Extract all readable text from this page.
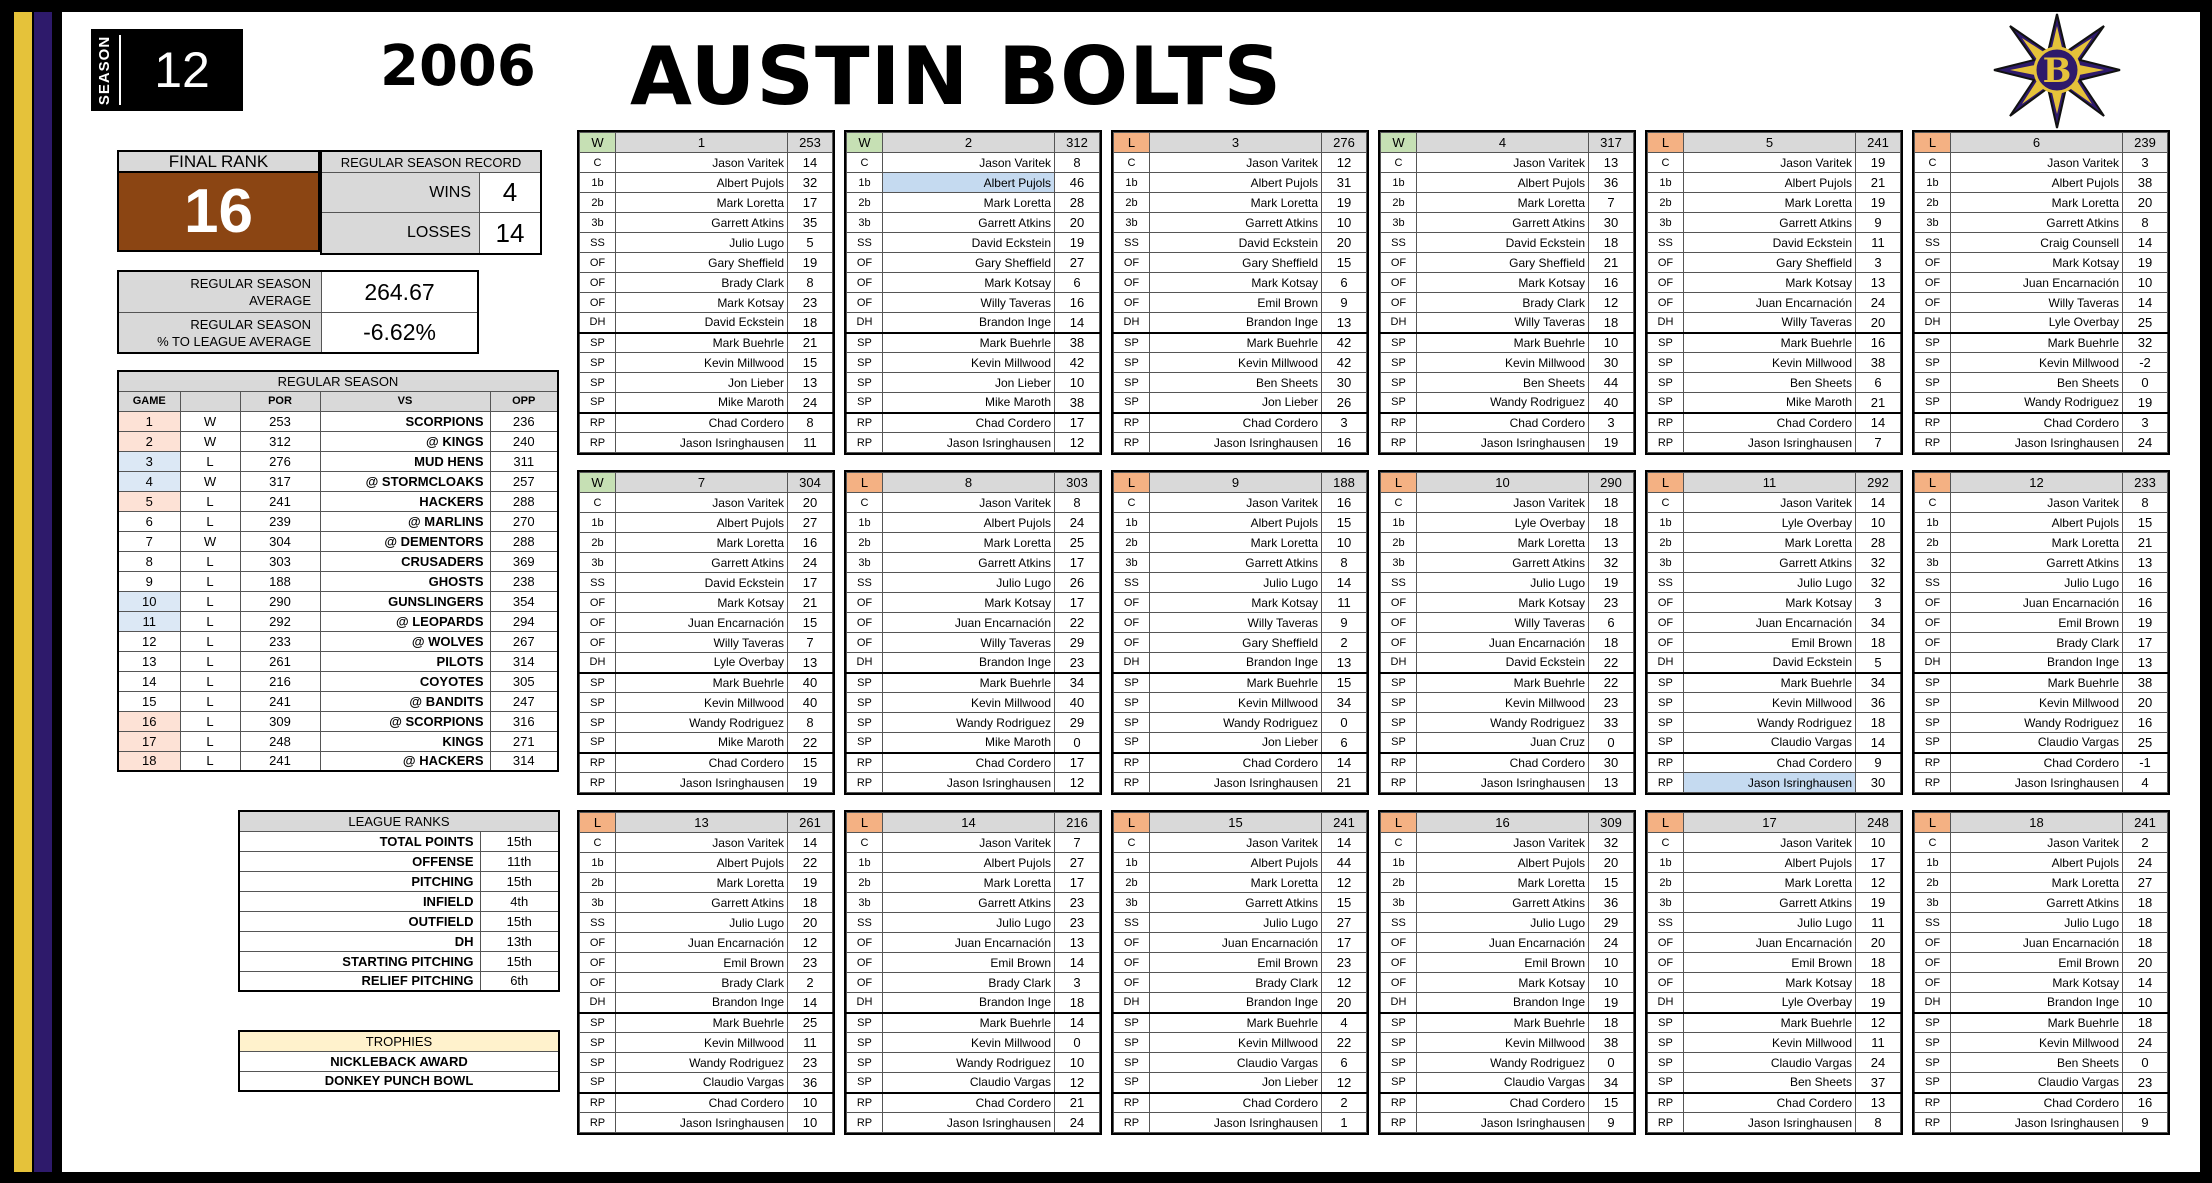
SEASON 12	2006 AUSTIN BOLTS	B
FINAL RANK
16
REGULAR SEASON RECORD
WINS	4
LOSSES 14
REGULAR SEASON
AVERAGE	264.67
REGULAR SEASON
% TO LEAGUE AVERAGE	-6.62%
REGULAR SEASON				
GAME		POR	VS	OPP
1	W	253	SCORPIONS	236
2	W	312	@ KINGS	240
3	L	276	MUD HENS	311
4	W	317	@ STORMCLOAKS	257
5	L	241	HACKERS	288
6	L	239	@ MARLINS	270
7	W	304	@ DEMENTORS	288
8	L	303	CRUSADERS	369
9	L	188	GHOSTS	238
10	L	290	GUNSLINGERS	354
11	L	292	@ LEOPARDS	294
12	L	233	@ WOLVES	267
13	L	261	PILOTS	314
14	L	216	COYOTES	305
15	L	241	@ BANDITS	247
16	L	309	@ SCORPIONS	316
17	L	248	KINGS	271
18	L	241	@ HACKERS	314
LEAGUE RANKS	
TOTAL POINTS	15th
OFFENSE	11th
PITCHING	15th
INFIELD	4th
OUTFIELD	15th
DH	13th
STARTING PITCHING	15th
RELIEF PITCHING	6th
TROPHIES
NICKLEBACK AWARD
DONKEY PUNCH BOWL
W	1	253
C	Jason Varitek	14
1b	Albert Pujols	32
2b	Mark Loretta	17
3b	Garrett Atkins	35
SS	Julio Lugo	5
OF	Gary Sheffield	19
OF	Brady Clark	8
OF	Mark Kotsay	23
DH	David Eckstein	18
SP	Mark Buehrle	21
SP	Kevin Millwood	15
SP	Jon Lieber	13
SP	Mike Maroth	24
RP	Chad Cordero	8
RP	Jason Isringhausen	11
W	2	312
C	Jason Varitek	8
1b	Albert Pujols	46
2b	Mark Loretta	28
3b	Garrett Atkins	20
SS	David Eckstein	19
OF	Gary Sheffield	27
OF	Mark Kotsay	6
OF	Willy Taveras	16
DH	Brandon Inge	14
SP	Mark Buehrle	38
SP	Kevin Millwood	42
SP	Jon Lieber	10
SP	Mike Maroth	38
RP	Chad Cordero	17
RP	Jason Isringhausen	12
L	3	276
C	Jason Varitek	12
1b	Albert Pujols	31
2b	Mark Loretta	19
3b	Garrett Atkins	10
SS	David Eckstein	20
OF	Gary Sheffield	15
OF	Mark Kotsay	6
OF	Emil Brown	9
DH	Brandon Inge	13
SP	Mark Buehrle	42
SP	Kevin Millwood	42
SP	Ben Sheets	30
SP	Jon Lieber	26
RP	Chad Cordero	3
RP	Jason Isringhausen	16
W	4	317
C	Jason Varitek	13
1b	Albert Pujols	36
2b	Mark Loretta	7
3b	Garrett Atkins	30
SS	David Eckstein	18
OF	Gary Sheffield	21
OF	Mark Kotsay	16
OF	Brady Clark	12
DH	Willy Taveras	18
SP	Mark Buehrle	10
SP	Kevin Millwood	30
SP	Ben Sheets	44
SP	Wandy Rodriguez	40
RP	Chad Cordero	3
RP	Jason Isringhausen	19
L	5	241
C	Jason Varitek	19
1b	Albert Pujols	21
2b	Mark Loretta	19
3b	Garrett Atkins	9
SS	David Eckstein	11
OF	Gary Sheffield	3
OF	Mark Kotsay	13
OF	Juan Encarnación	24
DH	Willy Taveras	20
SP	Mark Buehrle	16
SP	Kevin Millwood	38
SP	Ben Sheets	6
SP	Mike Maroth	21
RP	Chad Cordero	14
RP	Jason Isringhausen	7
L	6	239
C	Jason Varitek	3
1b	Albert Pujols	38
2b	Mark Loretta	20
3b	Garrett Atkins	8
SS	Craig Counsell	14
OF	Mark Kotsay	19
OF	Juan Encarnación	10
OF	Willy Taveras	14
DH	Lyle Overbay	25
SP	Mark Buehrle	32
SP	Kevin Millwood	-2
SP	Ben Sheets	0
SP	Wandy Rodriguez	19
RP	Chad Cordero	3
RP	Jason Isringhausen	24
W	7	304
C	Jason Varitek	20
1b	Albert Pujols	27
2b	Mark Loretta	16
3b	Garrett Atkins	24
SS	David Eckstein	17
OF	Mark Kotsay	21
OF	Juan Encarnación	15
OF	Willy Taveras	7
DH	Lyle Overbay	13
SP	Mark Buehrle	40
SP	Kevin Millwood	40
SP	Wandy Rodriguez	8
SP	Mike Maroth	22
RP	Chad Cordero	15
RP	Jason Isringhausen	19
L	8	303
C	Jason Varitek	8
1b	Albert Pujols	24
2b	Mark Loretta	25
3b	Garrett Atkins	17
SS	Julio Lugo	26
OF	Mark Kotsay	17
OF	Juan Encarnación	22
OF	Willy Taveras	29
DH	Brandon Inge	23
SP	Mark Buehrle	34
SP	Kevin Millwood	40
SP	Wandy Rodriguez	29
SP	Mike Maroth	0
RP	Chad Cordero	17
RP	Jason Isringhausen	12
L	9	188
C	Jason Varitek	16
1b	Albert Pujols	15
2b	Mark Loretta	10
3b	Garrett Atkins	8
SS	Julio Lugo	14
OF	Mark Kotsay	11
OF	Willy Taveras	9
OF	Gary Sheffield	2
DH	Brandon Inge	13
SP	Mark Buehrle	15
SP	Kevin Millwood	34
SP	Wandy Rodriguez	0
SP	Jon Lieber	6
RP	Chad Cordero	14
RP	Jason Isringhausen	21
L	10	290
C	Jason Varitek	18
1b	Lyle Overbay	18
2b	Mark Loretta	13
3b	Garrett Atkins	32
SS	Julio Lugo	19
OF	Mark Kotsay	23
OF	Willy Taveras	6
OF	Juan Encarnación	18
DH	David Eckstein	22
SP	Mark Buehrle	22
SP	Kevin Millwood	23
SP	Wandy Rodriguez	33
SP	Juan Cruz	0
RP	Chad Cordero	30
RP	Jason Isringhausen	13
L	11	292
C	Jason Varitek	14
1b	Lyle Overbay	10
2b	Mark Loretta	28
3b	Garrett Atkins	32
SS	Julio Lugo	32
OF	Mark Kotsay	3
OF	Juan Encarnación	34
OF	Emil Brown	18
DH	David Eckstein	5
SP	Mark Buehrle	34
SP	Kevin Millwood	36
SP	Wandy Rodriguez	18
SP	Claudio Vargas	14
RP	Chad Cordero	9
RP	Jason Isringhausen	30
L	12	233
C	Jason Varitek	8
1b	Albert Pujols	15
2b	Mark Loretta	21
3b	Garrett Atkins	13
SS	Julio Lugo	16
OF	Juan Encarnación	16
OF	Emil Brown	19
OF	Brady Clark	17
DH	Brandon Inge	13
SP	Mark Buehrle	38
SP	Kevin Millwood	20
SP	Wandy Rodriguez	16
SP	Claudio Vargas	25
RP	Chad Cordero	-1
RP	Jason Isringhausen	4
L	13	261
C	Jason Varitek	14
1b	Albert Pujols	22
2b	Mark Loretta	19
3b	Garrett Atkins	18
SS	Julio Lugo	20
OF	Juan Encarnación	12
OF	Emil Brown	23
OF	Brady Clark	2
DH	Brandon Inge	14
SP	Mark Buehrle	25
SP	Kevin Millwood	11
SP	Wandy Rodriguez	23
SP	Claudio Vargas	36
RP	Chad Cordero	10
RP	Jason Isringhausen	10
L	14	216
C	Jason Varitek	7
1b	Albert Pujols	27
2b	Mark Loretta	17
3b	Garrett Atkins	23
SS	Julio Lugo	23
OF	Juan Encarnación	13
OF	Emil Brown	14
OF	Brady Clark	3
DH	Brandon Inge	18
SP	Mark Buehrle	14
SP	Kevin Millwood	0
SP	Wandy Rodriguez	10
SP	Claudio Vargas	12
RP	Chad Cordero	21
RP	Jason Isringhausen	24
L	15	241
C	Jason Varitek	14
1b	Albert Pujols	44
2b	Mark Loretta	12
3b	Garrett Atkins	15
SS	Julio Lugo	27
OF	Juan Encarnación	17
OF	Emil Brown	23
OF	Brady Clark	12
DH	Brandon Inge	20
SP	Mark Buehrle	4
SP	Kevin Millwood	22
SP	Claudio Vargas	6
SP	Jon Lieber	12
RP	Chad Cordero	2
RP	Jason Isringhausen	1
L	16	309
C	Jason Varitek	32
1b	Albert Pujols	20
2b	Mark Loretta	15
3b	Garrett Atkins	36
SS	Julio Lugo	29
OF	Juan Encarnación	24
OF	Emil Brown	10
OF	Mark Kotsay	10
DH	Brandon Inge	19
SP	Mark Buehrle	18
SP	Kevin Millwood	38
SP	Wandy Rodriguez	0
SP	Claudio Vargas	34
RP	Chad Cordero	15
RP	Jason Isringhausen	9
L	17	248
C	Jason Varitek	10
1b	Albert Pujols	17
2b	Mark Loretta	12
3b	Garrett Atkins	19
SS	Julio Lugo	11
OF	Juan Encarnación	20
OF	Emil Brown	18
OF	Mark Kotsay	18
DH	Lyle Overbay	19
SP	Mark Buehrle	12
SP	Kevin Millwood	11
SP	Claudio Vargas	24
SP	Ben Sheets	37
RP	Chad Cordero	13
RP	Jason Isringhausen	8
L	18	241
C	Jason Varitek	2
1b	Albert Pujols	24
2b	Mark Loretta	27
3b	Garrett Atkins	18
SS	Julio Lugo	18
OF	Juan Encarnación	18
OF	Emil Brown	20
OF	Mark Kotsay	14
DH	Brandon Inge	10
SP	Mark Buehrle	18
SP	Kevin Millwood	24
SP	Ben Sheets	0
SP	Claudio Vargas	23
RP	Chad Cordero	16
RP	Jason Isringhausen	9
